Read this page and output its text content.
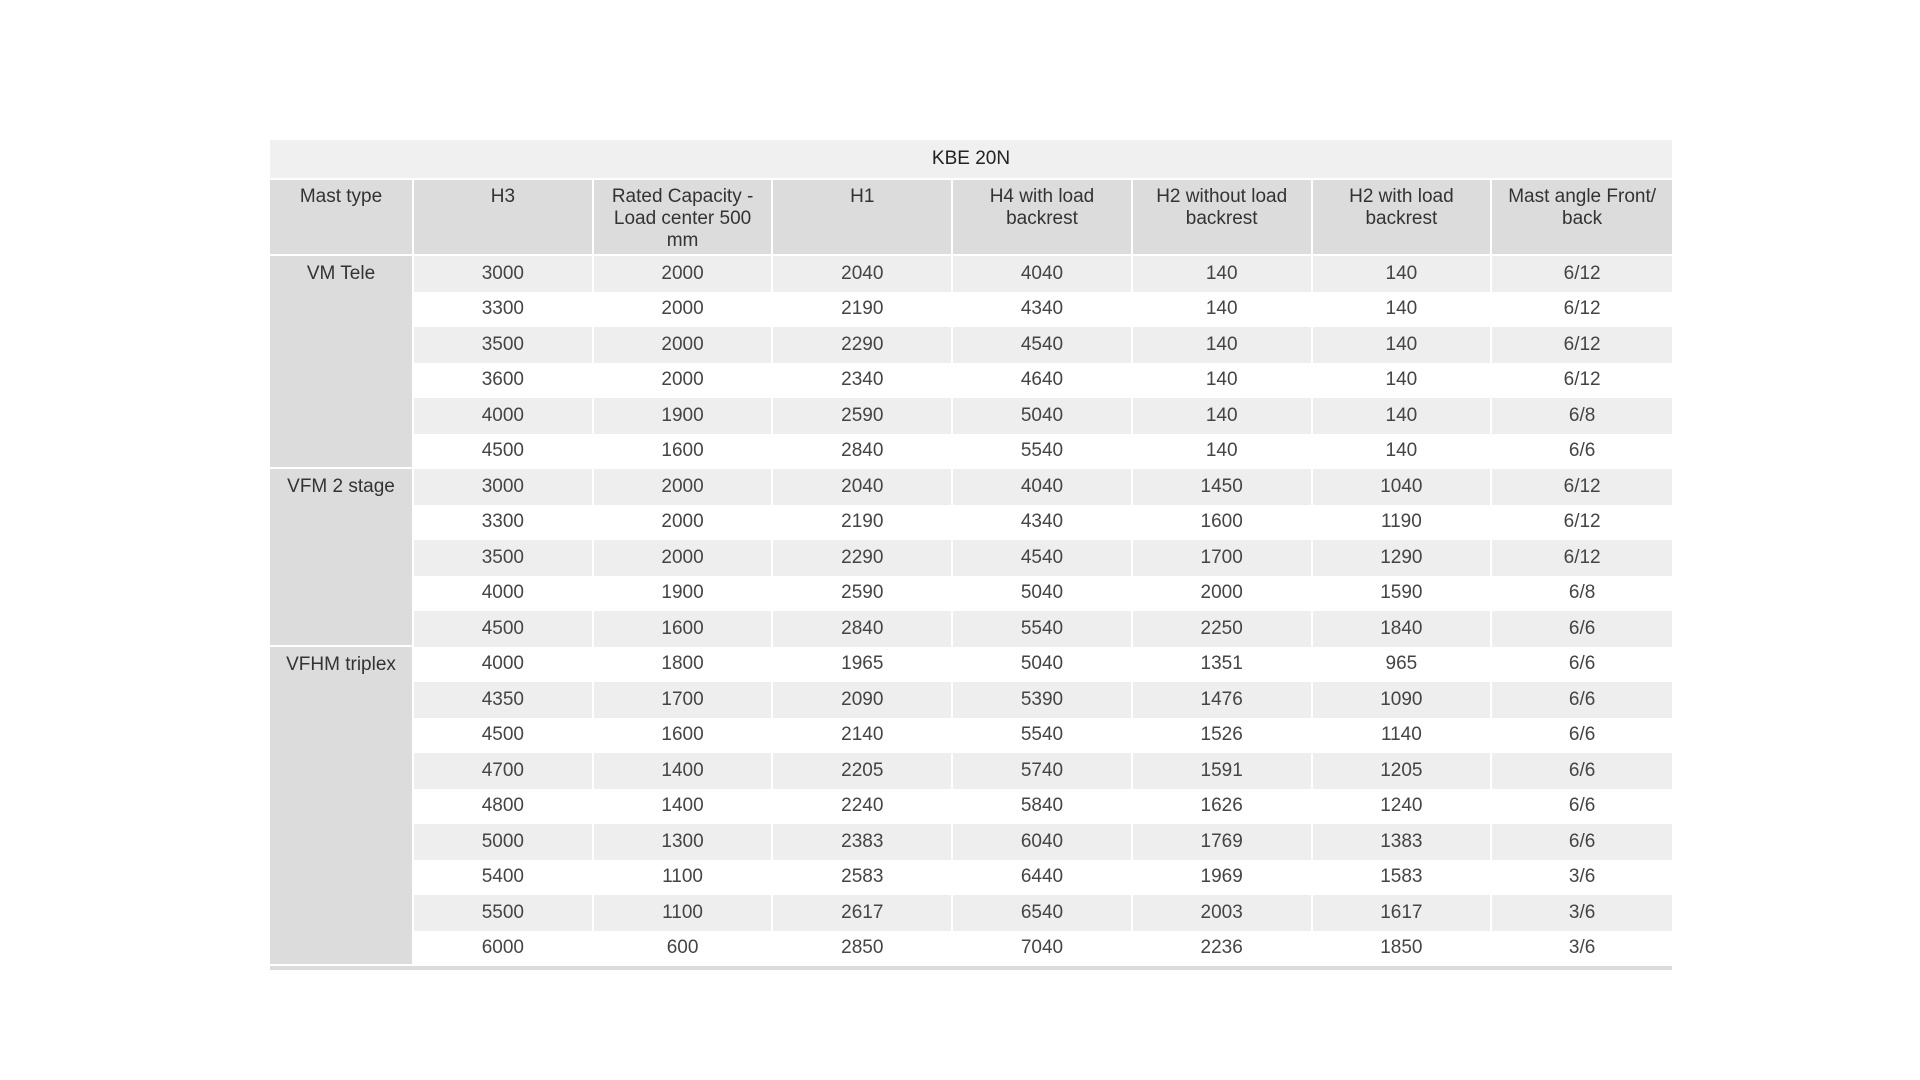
KBE 20N							
Mast type	H3	Rated Capacity - Load center 500 mm	H1	H4 with load backrest	H2 without load backrest	H2 with load backrest	Mast angle Front/ back
VM Tele	3000	2000	2040	4040	140	140	6/12
	3300	2000	2190	4340	140	140	6/12
	3500	2000	2290	4540	140	140	6/12
	3600	2000	2340	4640	140	140	6/12
	4000	1900	2590	5040	140	140	6/8
	4500	1600	2840	5540	140	140	6/6
VFM 2 stage	3000	2000	2040	4040	1450	1040	6/12
	3300	2000	2190	4340	1600	1190	6/12
	3500	2000	2290	4540	1700	1290	6/12
	4000	1900	2590	5040	2000	1590	6/8
	4500	1600	2840	5540	2250	1840	6/6
VFHM triplex	4000	1800	1965	5040	1351	965	6/6
	4350	1700	2090	5390	1476	1090	6/6
	4500	1600	2140	5540	1526	1140	6/6
	4700	1400	2205	5740	1591	1205	6/6
	4800	1400	2240	5840	1626	1240	6/6
	5000	1300	2383	6040	1769	1383	6/6
	5400	1100	2583	6440	1969	1583	3/6
	5500	1100	2617	6540	2003	1617	3/6
	6000	600	2850	7040	2236	1850	3/6
